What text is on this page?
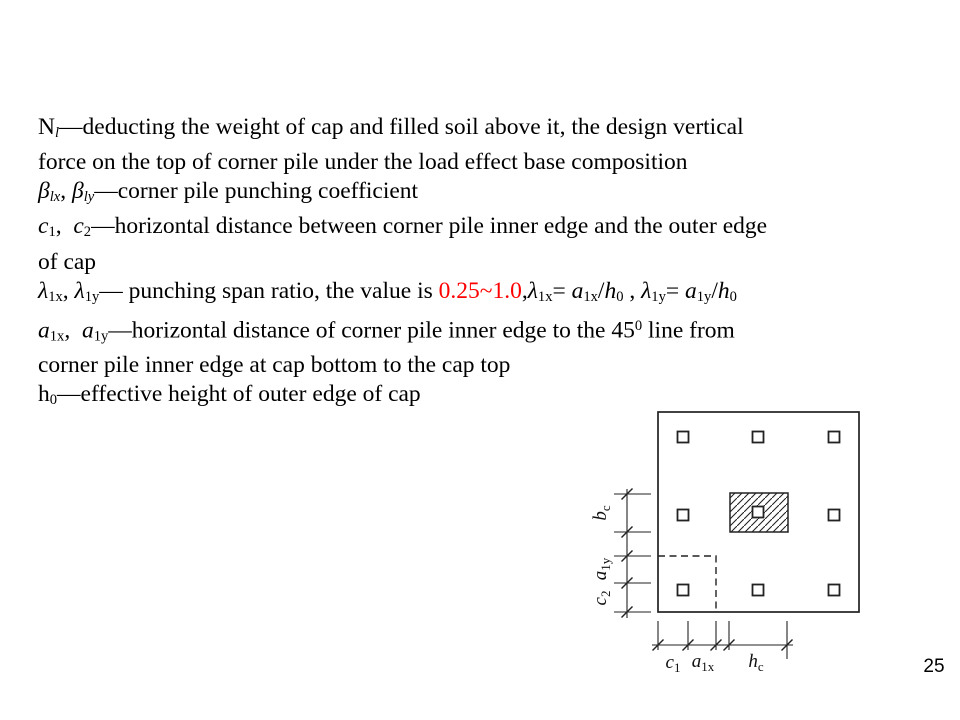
Nl—deducting the weight of cap and filled soil above it, the design vertical
force on the top of corner pile under the load effect base composition
βlx, βly—corner pile punching coefficient
c1,  c2—horizontal distance between corner pile inner edge and the outer edge
of cap
λ1x, λ1y— punching span ratio, the value is 0.25~1.0,λ1x= a1x/h0 , λ1y= a1y/h0
a1x,  a1y—horizontal distance of corner pile inner edge to the $45^0$ line from
corner pile inner edge at cap bottom to the cap top
h0—effective height of outer edge of cap
$b_c$
$a_{1y}$
$c_2$
$c_1$ $a_{1x}$ $h_c$	25
